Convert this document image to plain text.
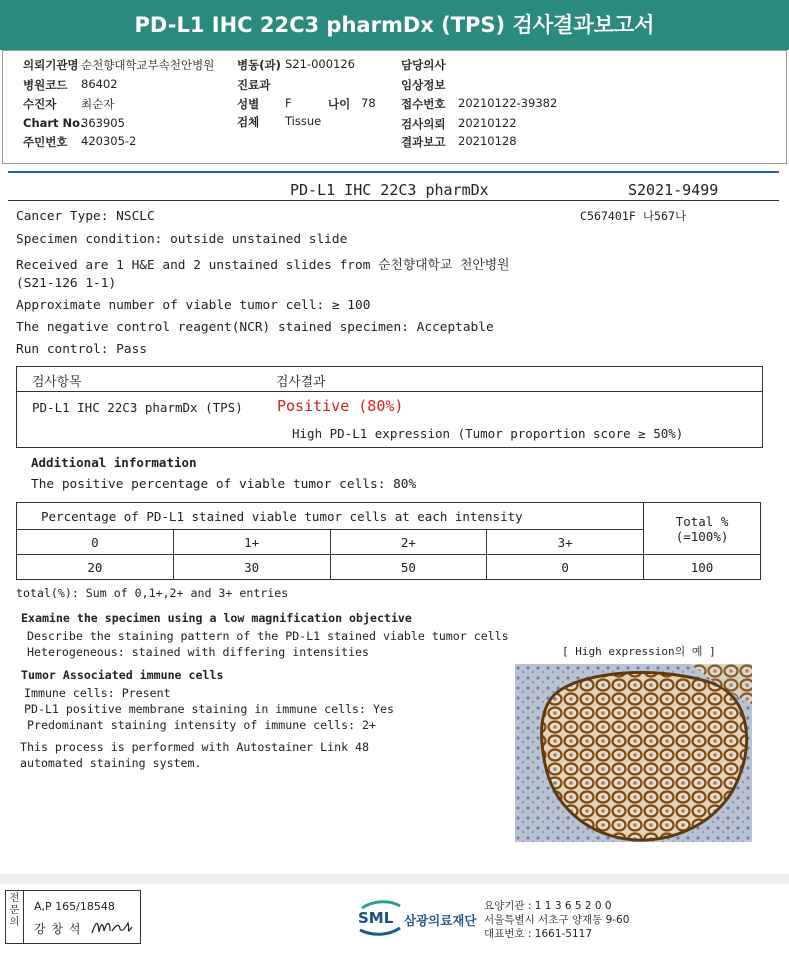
PD-L1 IHC 22C3 pharmDx (TPS) 검사결과보고서
의뢰기관명 순천향대학교부속천안병원 병동(과) S21-000126
병원코드 86402	진료과
수진자 최순자	성별 F	나이 78
Chart No.
363905	검체 Tissue
주민번호 420305-2
담당의사
임상정보
접수번호 20210122-39382
검사의뢰 20210122
결과보고 20210128
PD-L1 IHC 22C3 pharmDx	S2021-9499
C567401F 나567나
Cancer Type: NSCLC
Specimen condition: outside unstained slide
Received are 1 H&E and 2 unstained slides from 순천향대학교 천안병원
(S21-126 1-1)
Approximate number of viable tumor cell: ≥ 100
The negative control reagent(NCR) stained specimen: Acceptable
Run control: Pass
검사항목	검사결과
PD-L1 IHC 22C3 pharmDx (TPS) Positive (80%)
High PD-L1 expression (Tumor proportion score ≥ 50%)
Additional information
The positive percentage of viable tumor cells: 80%
Percentage of PD-L1 stained viable tumor cells at each intensity				Total %
(=100%)

0	1+	2+	3+	
20	30	50	0	100
total(%): Sum of 0,1+,2+ and 3+ entries
Examine the specimen using a low magnification objective
Describe the staining pattern of the PD-L1 stained viable tumor cells
Heterogeneous: stained with differing intensities	[ High expression의 예 ]
Tumor Associated immune cells
Immune cells: Present
PD-L1 positive membrane staining in immune cells: Yes
Predominant staining intensity of immune cells: 2+
This process is performed with Autostainer Link 48
automated staining system.
전문의
A,P 165/18548
강 창 석
SML 삼광의료재단
요양기관 : 1 1 3 6 5 2 0 0
서울특별시 서초구 양재동 9-60
대표번호 : 1661-5117
